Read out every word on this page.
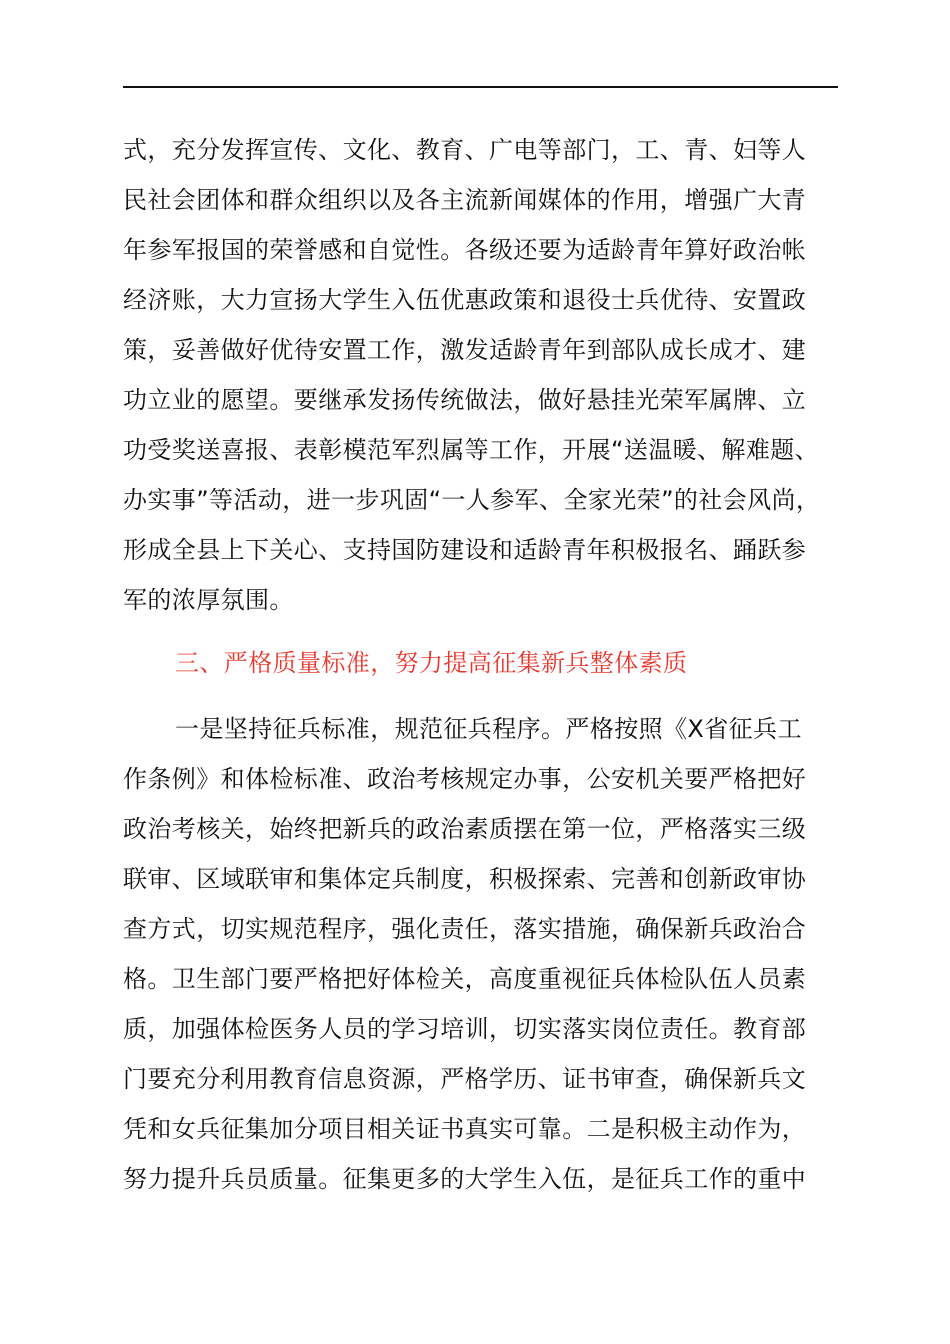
式，充分发挥宣传、文化、教育、广电等部门，工、青、妇等人
民社会团体和群众组织以及各主流新闻媒体的作用，增强广大青
年参军报国的荣誉感和自觉性。各级还要为适龄青年算好政治帐
经济账，大力宣扬大学生入伍优惠政策和退役士兵优待、安置政
策，妥善做好优待安置工作，激发适龄青年到部队成长成才、建
功立业的愿望。要继承发扬传统做法，做好悬挂光荣军属牌、立
功受奖送喜报、表彰模范军烈属等工作，开展“送温暖、解难题、
办实事”等活动，进一步巩固“一人参军、全家光荣”的社会风尚，
形成全县上下关心、支持国防建设和适龄青年积极报名、踊跃参
军的浓厚氛围。
三、严格质量标准，努力提高征集新兵整体素质
一是坚持征兵标准，规范征兵程序。严格按照《X省征兵工
作条例》和体检标准、政治考核规定办事，公安机关要严格把好
政治考核关，始终把新兵的政治素质摆在第一位，严格落实三级
联审、区域联审和集体定兵制度，积极探索、完善和创新政审协
查方式，切实规范程序，强化责任，落实措施，确保新兵政治合
格。卫生部门要严格把好体检关，高度重视征兵体检队伍人员素
质，加强体检医务人员的学习培训，切实落实岗位责任。教育部
门要充分利用教育信息资源，严格学历、证书审查，确保新兵文
凭和女兵征集加分项目相关证书真实可靠。二是积极主动作为，
努力提升兵员质量。征集更多的大学生入伍，是征兵工作的重中
